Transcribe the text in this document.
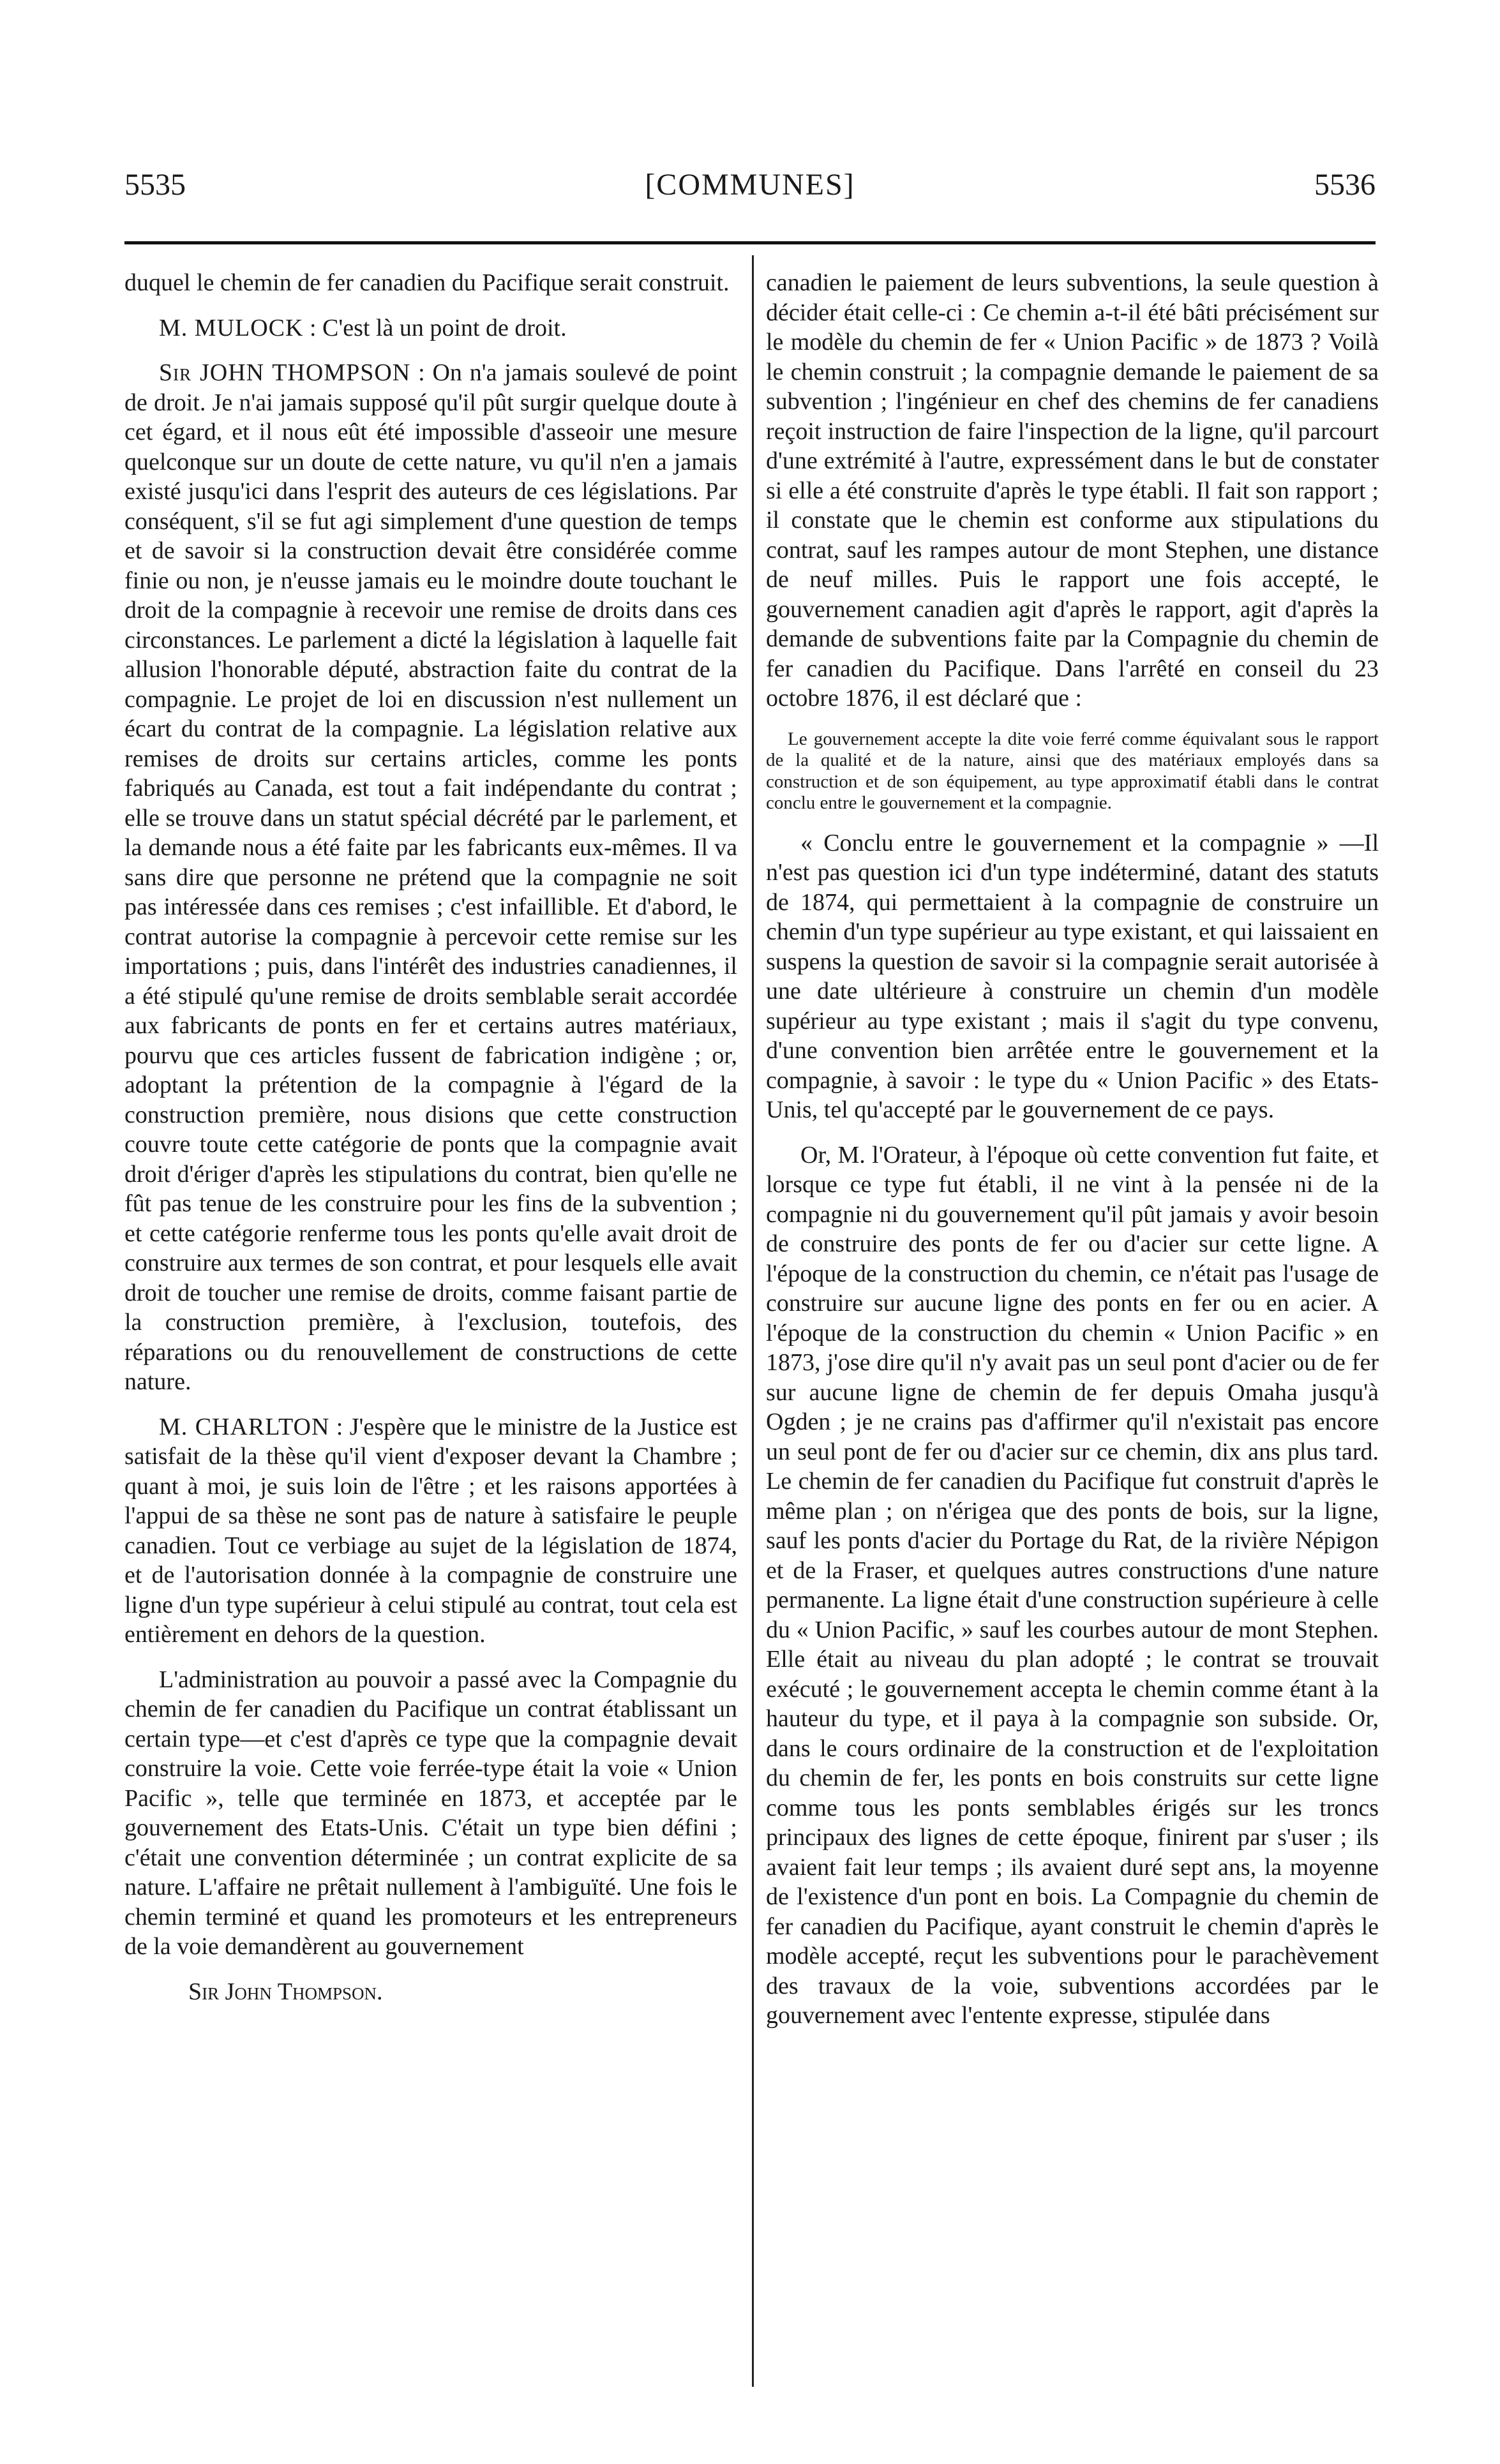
5535	[COMMUNES]	5536

duquel le chemin de fer canadien du Pacifique serait construit.

M. MULOCK : C'est là un point de droit.

Sir JOHN THOMPSON : On n'a jamais soulevé de point de droit. Je n'ai jamais supposé qu'il pût surgir quelque doute à cet égard, et il nous eût été impossible d'asseoir une mesure quelconque sur un doute de cette nature, vu qu'il n'en a jamais existé jusqu'ici dans l'esprit des auteurs de ces législations. Par conséquent, s'il se fut agi simplement d'une question de temps et de savoir si la construction devait être considérée comme finie ou non, je n'eusse jamais eu le moindre doute touchant le droit de la compagnie à recevoir une remise de droits dans ces circonstances. Le parlement a dicté la législation à laquelle fait allusion l'honorable député, abstraction faite du contrat de la compagnie. Le projet de loi en discussion n'est nullement un écart du contrat de la compagnie. La législation relative aux remises de droits sur certains articles, comme les ponts fabriqués au Canada, est tout a fait indépendante du contrat ; elle se trouve dans un statut spécial décrété par le parlement, et la demande nous a été faite par les fabricants eux-mêmes. Il va sans dire que personne ne prétend que la compagnie ne soit pas intéressée dans ces remises ; c'est infaillible. Et d'abord, le contrat autorise la compagnie à percevoir cette remise sur les importations ; puis, dans l'intérêt des industries canadiennes, il a été stipulé qu'une remise de droits semblable serait accordée aux fabricants de ponts en fer et certains autres matériaux, pourvu que ces articles fussent de fabrication indigène ; or, adoptant la prétention de la compagnie à l'égard de la construction première, nous disions que cette construction couvre toute cette catégorie de ponts que la compagnie avait droit d'ériger d'après les stipulations du contrat, bien qu'elle ne fût pas tenue de les construire pour les fins de la subvention ; et cette catégorie renferme tous les ponts qu'elle avait droit de construire aux termes de son contrat, et pour lesquels elle avait droit de toucher une remise de droits, comme faisant partie de la construction première, à l'exclusion, toutefois, des réparations ou du renouvellement de constructions de cette nature.

M. CHARLTON : J'espère que le ministre de la Justice est satisfait de la thèse qu'il vient d'exposer devant la Chambre ; quant à moi, je suis loin de l'être ; et les raisons apportées à l'appui de sa thèse ne sont pas de nature à satisfaire le peuple canadien. Tout ce verbiage au sujet de la législation de 1874, et de l'autorisation donnée à la compagnie de construire une ligne d'un type supérieur à celui stipulé au contrat, tout cela est entièrement en dehors de la question.

L'administration au pouvoir a passé avec la Compagnie du chemin de fer canadien du Pacifique un contrat établissant un certain type—et c'est d'après ce type que la compagnie devait construire la voie. Cette voie ferrée-type était la voie « Union Pacific », telle que terminée en 1873, et acceptée par le gouvernement des Etats-Unis. C'était un type bien défini ; c'était une convention déterminée ; un contrat explicite de sa nature. L'affaire ne prêtait nullement à l'ambiguïté. Une fois le chemin terminé et quand les promoteurs et les entrepreneurs de la voie demandèrent au gouvernement

Sir John Thompson.

canadien le paiement de leurs subventions, la seule question à décider était celle-ci : Ce chemin a-t-il été bâti précisément sur le modèle du chemin de fer « Union Pacific » de 1873 ? Voilà le chemin construit ; la compagnie demande le paiement de sa subvention ; l'ingénieur en chef des chemins de fer canadiens reçoit instruction de faire l'inspection de la ligne, qu'il parcourt d'une extrémité à l'autre, expressément dans le but de constater si elle a été construite d'après le type établi. Il fait son rapport ; il constate que le chemin est conforme aux stipulations du contrat, sauf les rampes autour de mont Stephen, une distance de neuf milles. Puis le rapport une fois accepté, le gouvernement canadien agit d'après le rapport, agit d'après la demande de subventions faite par la Compagnie du chemin de fer canadien du Pacifique. Dans l'arrêté en conseil du 23 octobre 1876, il est déclaré que :

Le gouvernement accepte la dite voie ferré comme équivalant sous le rapport de la qualité et de la nature, ainsi que des matériaux employés dans sa construction et de son équipement, au type approximatif établi dans le contrat conclu entre le gouvernement et la compagnie.

« Conclu entre le gouvernement et la compagnie » —Il n'est pas question ici d'un type indéterminé, datant des statuts de 1874, qui permettaient à la compagnie de construire un chemin d'un type supérieur au type existant, et qui laissaient en suspens la question de savoir si la compagnie serait autorisée à une date ultérieure à construire un chemin d'un modèle supérieur au type existant ; mais il s'agit du type convenu, d'une convention bien arrêtée entre le gouvernement et la compagnie, à savoir : le type du « Union Pacific » des Etats-Unis, tel qu'accepté par le gouvernement de ce pays.

Or, M. l'Orateur, à l'époque où cette convention fut faite, et lorsque ce type fut établi, il ne vint à la pensée ni de la compagnie ni du gouvernement qu'il pût jamais y avoir besoin de construire des ponts de fer ou d'acier sur cette ligne. A l'époque de la construction du chemin, ce n'était pas l'usage de construire sur aucune ligne des ponts en fer ou en acier. A l'époque de la construction du chemin « Union Pacific » en 1873, j'ose dire qu'il n'y avait pas un seul pont d'acier ou de fer sur aucune ligne de chemin de fer depuis Omaha jusqu'à Ogden ; je ne crains pas d'affirmer qu'il n'existait pas encore un seul pont de fer ou d'acier sur ce chemin, dix ans plus tard. Le chemin de fer canadien du Pacifique fut construit d'après le même plan ; on n'érigea que des ponts de bois, sur la ligne, sauf les ponts d'acier du Portage du Rat, de la rivière Népigon et de la Fraser, et quelques autres constructions d'une nature permanente. La ligne était d'une construction supérieure à celle du « Union Pacific, » sauf les courbes autour de mont Stephen. Elle était au niveau du plan adopté ; le contrat se trouvait exécuté ; le gouvernement accepta le chemin comme étant à la hauteur du type, et il paya à la compagnie son subside. Or, dans le cours ordinaire de la construction et de l'exploitation du chemin de fer, les ponts en bois construits sur cette ligne comme tous les ponts semblables érigés sur les troncs principaux des lignes de cette époque, finirent par s'user ; ils avaient fait leur temps ; ils avaient duré sept ans, la moyenne de l'existence d'un pont en bois. La Compagnie du chemin de fer canadien du Pacifique, ayant construit le chemin d'après le modèle accepté, reçut les subventions pour le parachèvement des travaux de la voie, subventions accordées par le gouvernement avec l'entente expresse, stipulée dans
